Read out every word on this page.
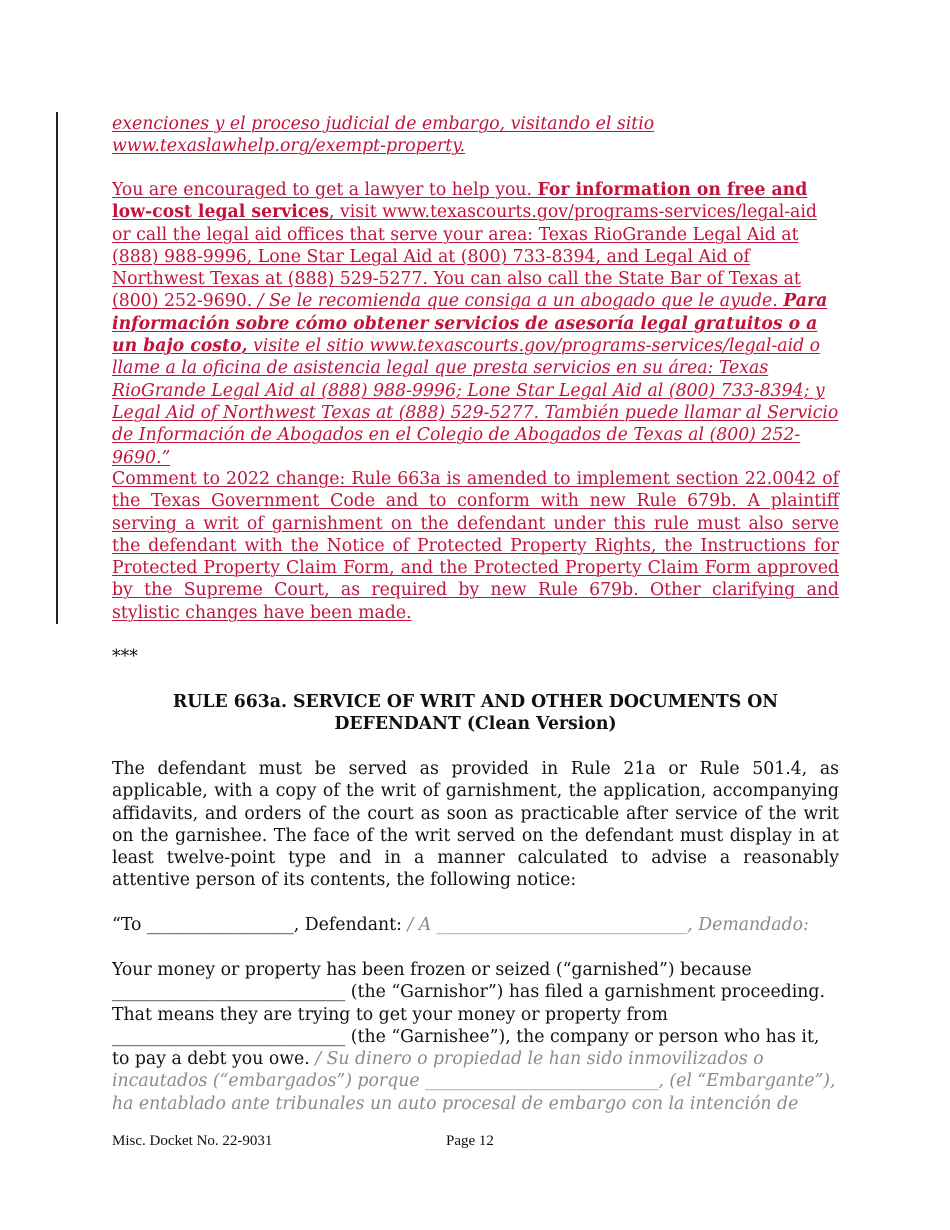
exenciones y el proceso judicial de embargo, visitando el sitio
www.texaslawhelp.org/exempt-property.

You are encouraged to get a lawyer to help you. For information on free and low-cost legal services, visit www.texascourts.gov/programs-services/legal-aid or call the legal aid offices that serve your area: Texas RioGrande Legal Aid at (888) 988-9996, Lone Star Legal Aid at (800) 733-8394, and Legal Aid of Northwest Texas at (888) 529-5277. You can also call the State Bar of Texas at (800) 252-9690. / Se le recomienda que consiga a un abogado que le ayude. Para información sobre cómo obtener servicios de asesoría legal gratuitos o a un bajo costo, visite el sitio www.texascourts.gov/programs-services/legal-aid o llame a la oficina de asistencia legal que presta servicios en su área: Texas RioGrande Legal Aid al (888) 988-9996; Lone Star Legal Aid al (800) 733-8394; y Legal Aid of Northwest Texas at (888) 529-5277. También puede llamar al Servicio de Información de Abogados en el Colegio de Abogados de Texas al (800) 252-9690.”

Comment to 2022 change: Rule 663a is amended to implement section 22.0042 of the Texas Government Code and to conform with new Rule 679b. A plaintiff serving a writ of garnishment on the defendant under this rule must also serve the defendant with the Notice of Protected Property Rights, the Instructions for Protected Property Claim Form, and the Protected Property Claim Form approved by the Supreme Court, as required by new Rule 679b. Other clarifying and stylistic changes have been made.

***

RULE 663a. SERVICE OF WRIT AND OTHER DOCUMENTS ON
DEFENDANT (Clean Version)

The defendant must be served as provided in Rule 21a or Rule 501.4, as applicable, with a copy of the writ of garnishment, the application, accompanying affidavits, and orders of the court as soon as practicable after service of the writ on the garnishee. The face of the writ served on the defendant must display in at least twelve-point type and in a manner calculated to advise a reasonably attentive person of its contents, the following notice:

“To _________________, Defendant: / A _____________________________, Demandado:

Your money or property has been frozen or seized (“garnished”) because
___________________________ (the “Garnishor”) has filed a garnishment proceeding.
That means they are trying to get your money or property from
___________________________ (the “Garnishee”), the company or person who has it,
to pay a debt you owe. / Su dinero o propiedad le han sido inmovilizados o
incautados (“embargados”) porque ___________________________, (el “Embargante”),
ha entablado ante tribunales un auto procesal de embargo con la intención de

Misc. Docket No. 22-9031	Page 12
